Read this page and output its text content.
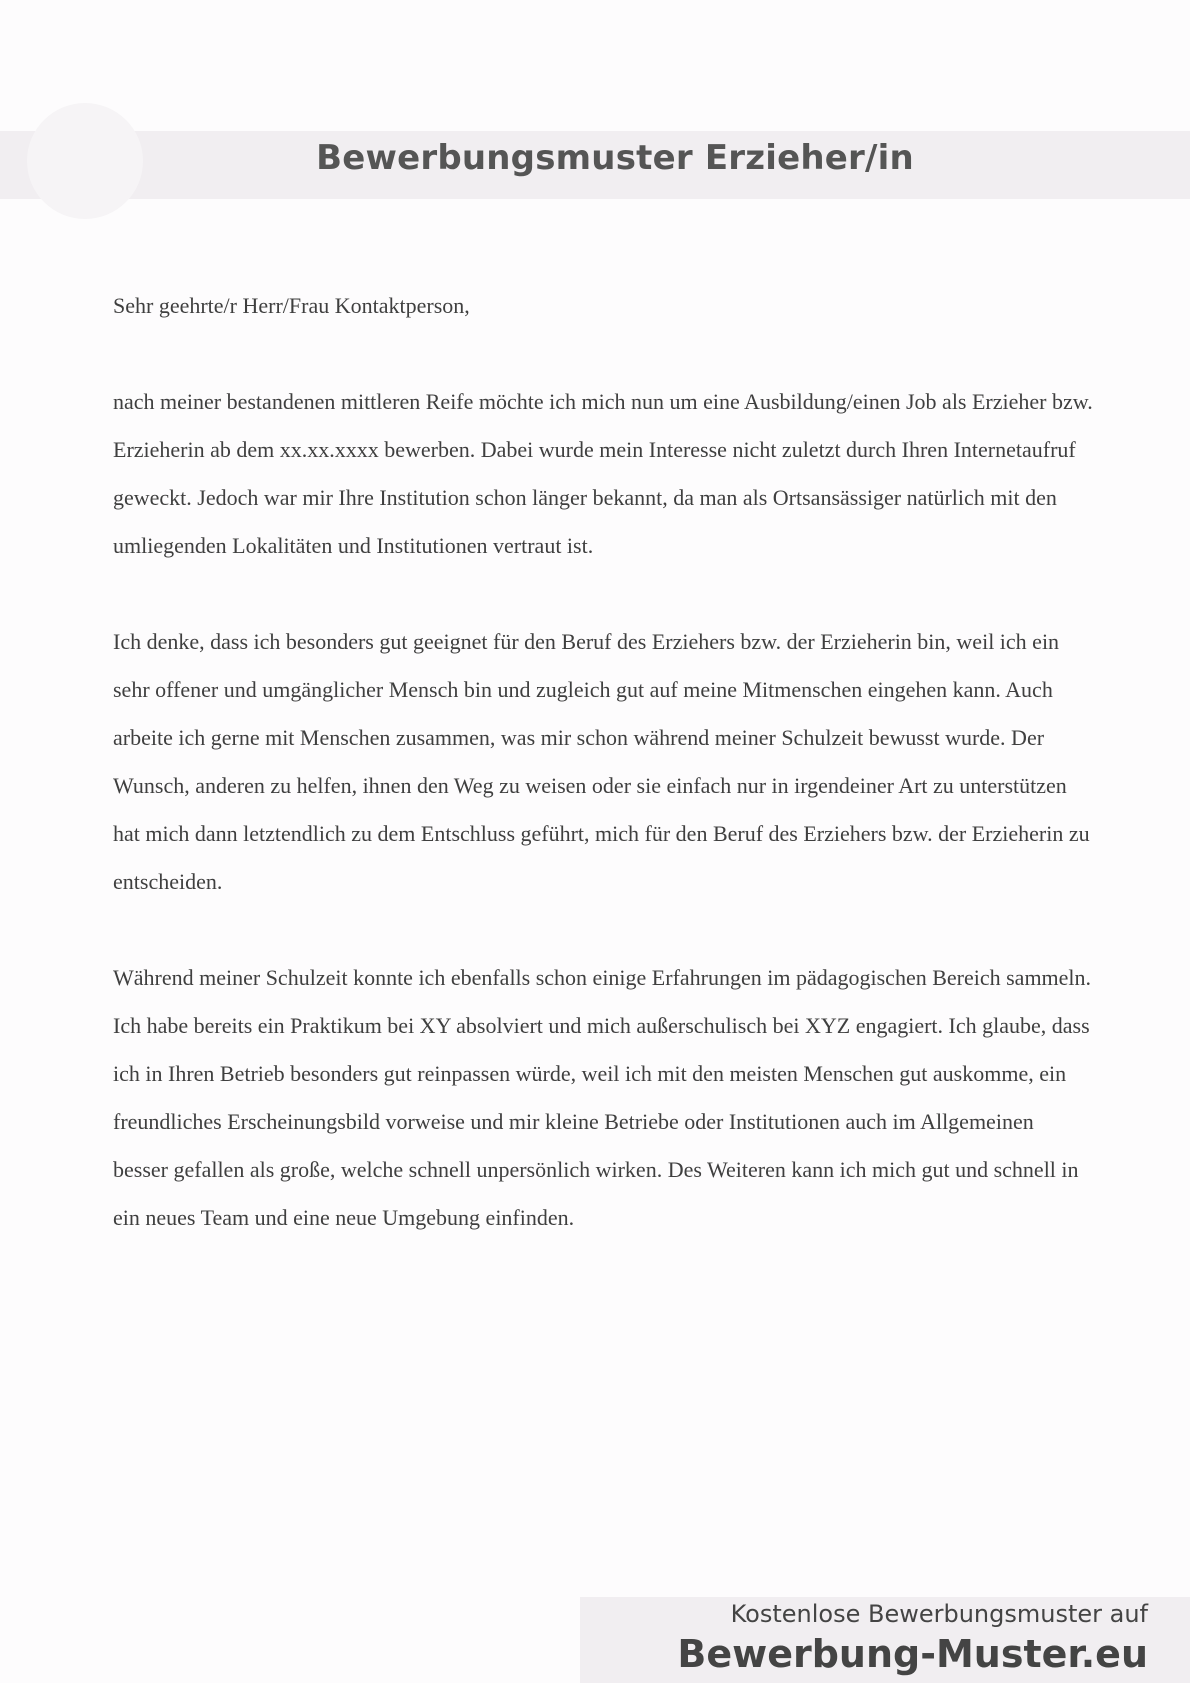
Bewerbungsmuster Erzieher/in

Sehr geehrte/r Herr/Frau Kontaktperson,

nach meiner bestandenen mittleren Reife möchte ich mich nun um eine Ausbildung/einen Job als Erzieher bzw. Erzieherin ab dem xx.xx.xxxx bewerben. Dabei wurde mein Interesse nicht zuletzt durch Ihren Internetaufruf geweckt. Jedoch war mir Ihre Institution schon länger bekannt, da man als Ortsansässiger natürlich mit den umliegenden Lokalitäten und Institutionen vertraut ist.

Ich denke, dass ich besonders gut geeignet für den Beruf des Erziehers bzw. der Erzieherin bin, weil ich ein sehr offener und umgänglicher Mensch bin und zugleich gut auf meine Mitmenschen eingehen kann. Auch arbeite ich gerne mit Menschen zusammen, was mir schon während meiner Schulzeit bewusst wurde. Der Wunsch, anderen zu helfen, ihnen den Weg zu weisen oder sie einfach nur in irgendeiner Art zu unterstützen hat mich dann letztendlich zu dem Entschluss geführt, mich für den Beruf des Erziehers bzw. der Erzieherin zu entscheiden.

Während meiner Schulzeit konnte ich ebenfalls schon einige Erfahrungen im pädagogischen Bereich sammeln. Ich habe bereits ein Praktikum bei XY absolviert und mich außerschulisch bei XYZ engagiert. Ich glaube, dass ich in Ihren Betrieb besonders gut reinpassen würde, weil ich mit den meisten Menschen gut auskomme, ein freundliches Erscheinungsbild vorweise und mir kleine Betriebe oder Institutionen auch im Allgemeinen besser gefallen als große, welche schnell unpersönlich wirken. Des Weiteren kann ich mich gut und schnell in ein neues Team und eine neue Umgebung einfinden.

Kostenlose Bewerbungsmuster auf
Bewerbung-Muster.eu
